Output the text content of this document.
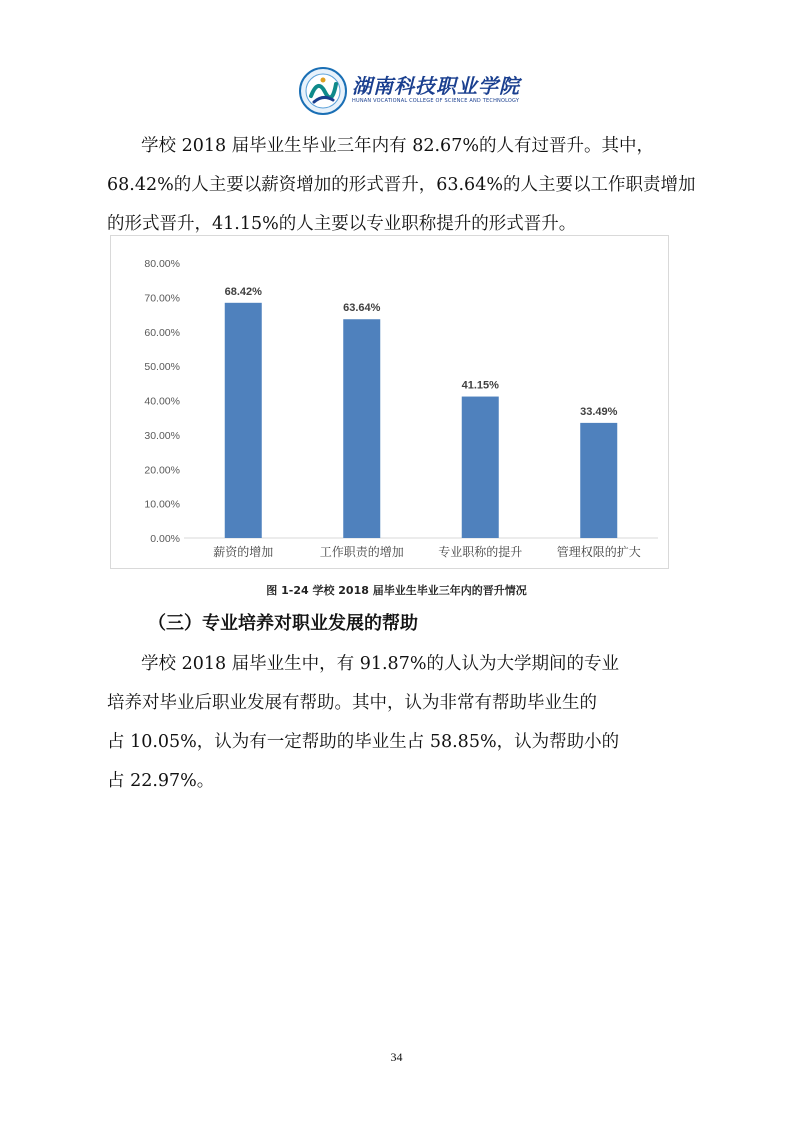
湖南科技职业学院
HUNAN VOCATIONAL COLLEGE OF SCIENCE AND TECHNOLOGY

学校 2018 届毕业生毕业三年内有 82.67%的人有过晋升。其中，
68.42%的人主要以薪资增加的形式晋升，63.64%的人主要以工作职责增加
的形式晋升，41.15%的人主要以专业职称提升的形式晋升。

0.00%
10.00%
20.00%
30.00%
40.00%
50.00%
60.00%
70.00%
80.00%
68.42%
薪资的增加
63.64%
工作职责的增加
41.15%
专业职称的提升
33.49%
管理权限的扩大
图 1-24 学校 2018 届毕业生毕业三年内的晋升情况
（三）专业培养对职业发展的帮助

学校 2018 届毕业生中，有 91.87%的人认为大学期间的专业
培养对毕业后职业发展有帮助。其中，认为非常有帮助毕业生的
占 10.05%，认为有一定帮助的毕业生占 58.85%，认为帮助小的
占 22.97%。

34
